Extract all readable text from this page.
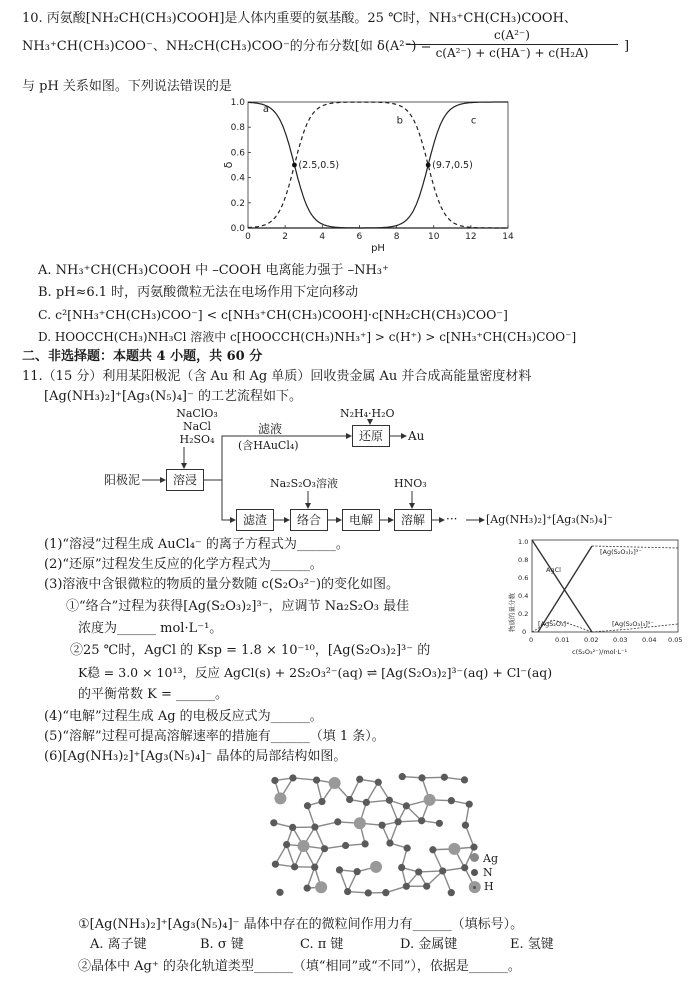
10. 丙氨酸[NH₂CH(CH₃)COOH]是人体内重要的氨基酸。25 ℃时，NH₃⁺CH(CH₃)COOH、
NH₃⁺CH(CH₃)COO⁻、NH₂CH(CH₃)COO⁻的分布分数[如 δ(A²⁻) =
c(A²⁻)
c(A²⁻) + c(HA⁻) + c(H₂A)	]
与 pH 关系如图。下列说法错误的是
0	2	4	6	8	10	12	14
0.0
0.2
0.4
0.6
0.8
1.0
pH
δ
a
b	c
(2.5,0.5)	(9.7,0.5)
A. NH₃⁺CH(CH₃)COOH 中 –COOH 电离能力强于 –NH₃⁺
B. pH≈6.1 时，丙氨酸微粒无法在电场作用下定向移动
C. c²[NH₃⁺CH(CH₃)COO⁻] < c[NH₃⁺CH(CH₃)COOH]·c[NH₂CH(CH₃)COO⁻]
D. HOOCCH(CH₃)NH₃Cl 溶液中 c[HOOCCH(CH₃)NH₃⁺] > c(H⁺) > c[NH₃⁺CH(CH₃)COO⁻]
二、非选择题：本题共 4 小题，共 60 分
11.（15 分）利用某阳极泥（含 Au 和 Ag 单质）回收贵金属 Au 并合成高能量密度材料
[Ag(NH₃)₂]⁺[Ag₃(N₅)₄]⁻ 的工艺流程如下。
NaClO₃
NaCl
H₂SO₄
阳极泥	溶浸
滤液
(含HAuCl₄)
N₂H₄·H₂O
还原	Au
滤渣
Na₂S₂O₃溶液
络合	电解
HNO₃
溶解	···	[Ag(NH₃)₂]⁺[Ag₃(N₅)₄]⁻
(1)“溶浸”过程生成 AuCl₄⁻ 的离子方程式为______。
(2)“还原”过程发生反应的化学方程式为______。
(3)溶液中含银微粒的物质的量分数随 c(S₂O₃²⁻)的变化如图。
①“络合”过程为获得[Ag(S₂O₃)₂]³⁻，应调节 Na₂S₂O₃ 最佳
浓度为______ mol·L⁻¹。
②25 ℃时，AgCl 的 Ksp = 1.8 × 10⁻¹⁰，[Ag(S₂O₃)₂]³⁻ 的
K稳 = 3.0 × 10¹³，反应 AgCl(s) + 2S₂O₃²⁻(aq) ⇌ [Ag(S₂O₃)₂]³⁻(aq) + Cl⁻(aq)
的平衡常数 K = ______。
(4)“电解”过程生成 Ag 的电极反应式为______。
(5)“溶解”过程可提高溶解速率的措施有______（填 1 条）。
(6)[Ag(NH₃)₂]⁺[Ag₃(N₅)₄]⁻ 晶体的局部结构如图。
物质的量分数 0
0.2
0.4
0.6
0.8
1.0
0	0.01 0.02 0.03 0.04 0.05
c(S₂O₃²⁻)/mol·L⁻¹
AgCl
[Ag(S₂O₃)₂]³⁻
[AgS₂O₃]⁻	[Ag(S₂O₃)₃]⁵⁻
Ag
N
H
①[Ag(NH₃)₂]⁺[Ag₃(N₅)₄]⁻ 晶体中存在的微粒间作用力有______（填标号）。
A. 离子键	B. σ 键	C. π 键	D. 金属键	E. 氢键
②晶体中 Ag⁺ 的杂化轨道类型______（填“相同”或“不同”），依据是______。
